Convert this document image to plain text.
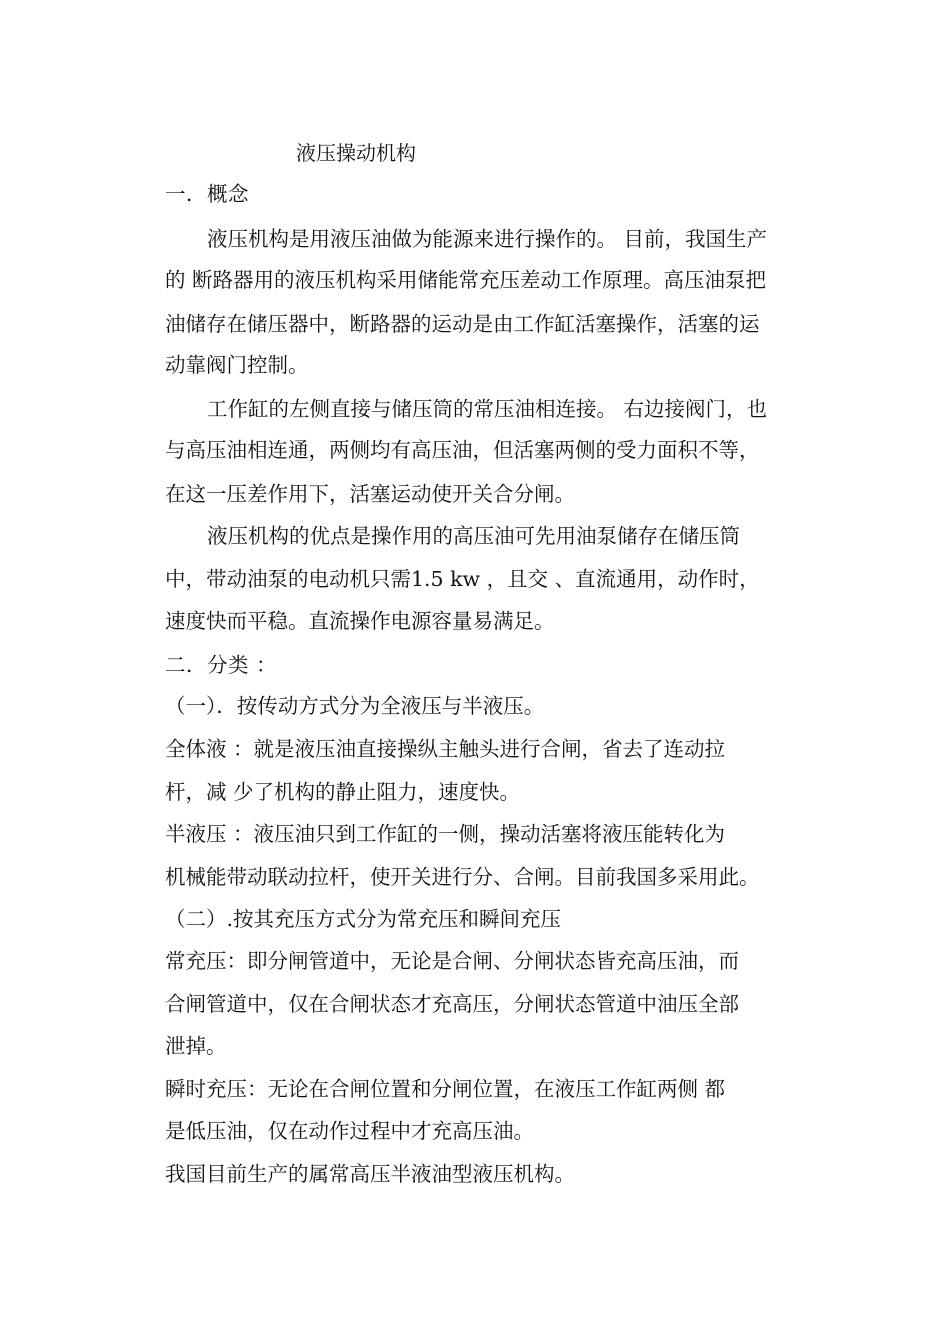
液压操动机构
一．概念
液压机构是用液压油做为能源来进行操作的。 目前，我国生产
的 断路器用的液压机构采用储能常充压差动工作原理。高压油泵把
油储存在储压器中，断路器的运动是由工作缸活塞操作，活塞的运
动靠阀门控制。
工作缸的左侧直接与储压筒的常压油相连接。 右边接阀门，也
与高压油相连通，两侧均有高压油，但活塞两侧的受力面积不等，
在这一压差作用下，活塞运动使开关合分闸。
液压机构的优点是操作用的高压油可先用油泵储存在储压筒
中，带动油泵的电动机只需1.5 kw ，且交 、直流通用，动作时，
速度快而平稳。直流操作电源容量易满足。
二．分类 ：
（一）．按传动方式分为全液压与半液压。
全体液 ：就是液压油直接操纵主触头进行合闸，省去了连动拉
杆，减 少了机构的静止阻力，速度快。
半液压 ：液压油只到工作缸的一侧，操动活塞将液压能转化为
机械能带动联动拉杆，使开关进行分、合闸。目前我国多采用此。
（二）.按其充压方式分为常充压和瞬间充压
常充压：即分闸管道中，无论是合闸、分闸状态皆充高压油，而
合闸管道中，仅在合闸状态才充高压，分闸状态管道中油压全部
泄掉。
瞬时充压：无论在合闸位置和分闸位置，在液压工作缸两侧 都
是低压油，仅在动作过程中才充高压油。
我国目前生产的属常高压半液油型液压机构。
